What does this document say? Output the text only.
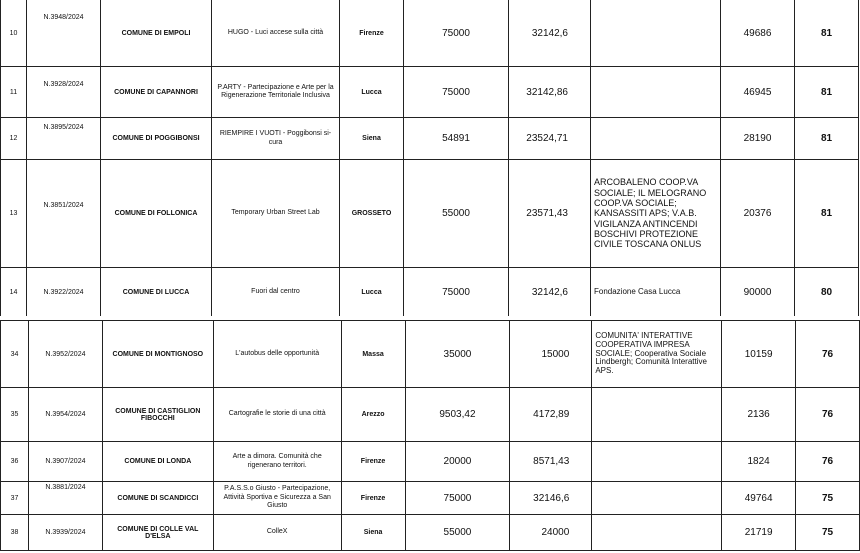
10	N.3948/2024	COMUNE DI EMPOLI	HUGO - Luci accese sulla città	Firenze	75000	32142,6		49686	81
11	N.3928/2024	COMUNE DI CAPANNORI	P.ARTY - Partecipazione e Arte per la Rigenerazione Territoriale Inclusiva	Lucca	75000	32142,86		46945	81
12	N.3895/2024	COMUNE DI POGGIBONSI	RIEMPIRE I VUOTI - Poggibonsi si-cura	Siena	54891	23524,71		28190	81
13	N.3851/2024	COMUNE DI FOLLONICA	Temporary Urban Street Lab	GROSSETO	55000	23571,43	ARCOBALENO COOP.VA SOCIALE; IL MELOGRANO COOP.VA SOCIALE; KANSASSITI APS; V.A.B. VIGILANZA ANTINCENDI BOSCHIVI PROTEZIONE CIVILE TOSCANA ONLUS	20376	81
14	N.3922/2024	COMUNE DI LUCCA	Fuori dal centro	Lucca	75000	32142,6	Fondazione Casa Lucca	90000	80
34	N.3952/2024	COMUNE DI MONTIGNOSO	L'autobus delle opportunità	Massa	35000	15000	COMUNITA' INTERATTIVE COOPERATIVA IMPRESA SOCIALE; Cooperativa Sociale Lindbergh; Comunità Interattive APS.	10159	76
35	N.3954/2024	COMUNE DI CASTIGLION FIBOCCHI	Cartografie le storie di una città	Arezzo	9503,42	4172,89		2136	76
36	N.3907/2024	COMUNE DI LONDA	Arte a dimora. Comunità che rigenerano territori.	Firenze	20000	8571,43		1824	76
37	N.3881/2024	COMUNE DI SCANDICCI	P.A.S.S.o Giusto - Partecipazione, Attività Sportiva e Sicurezza a San Giusto	Firenze	75000	32146,6		49764	75
38	N.3939/2024	COMUNE DI COLLE VAL D'ELSA	ColleX	Siena	55000	24000		21719	75
